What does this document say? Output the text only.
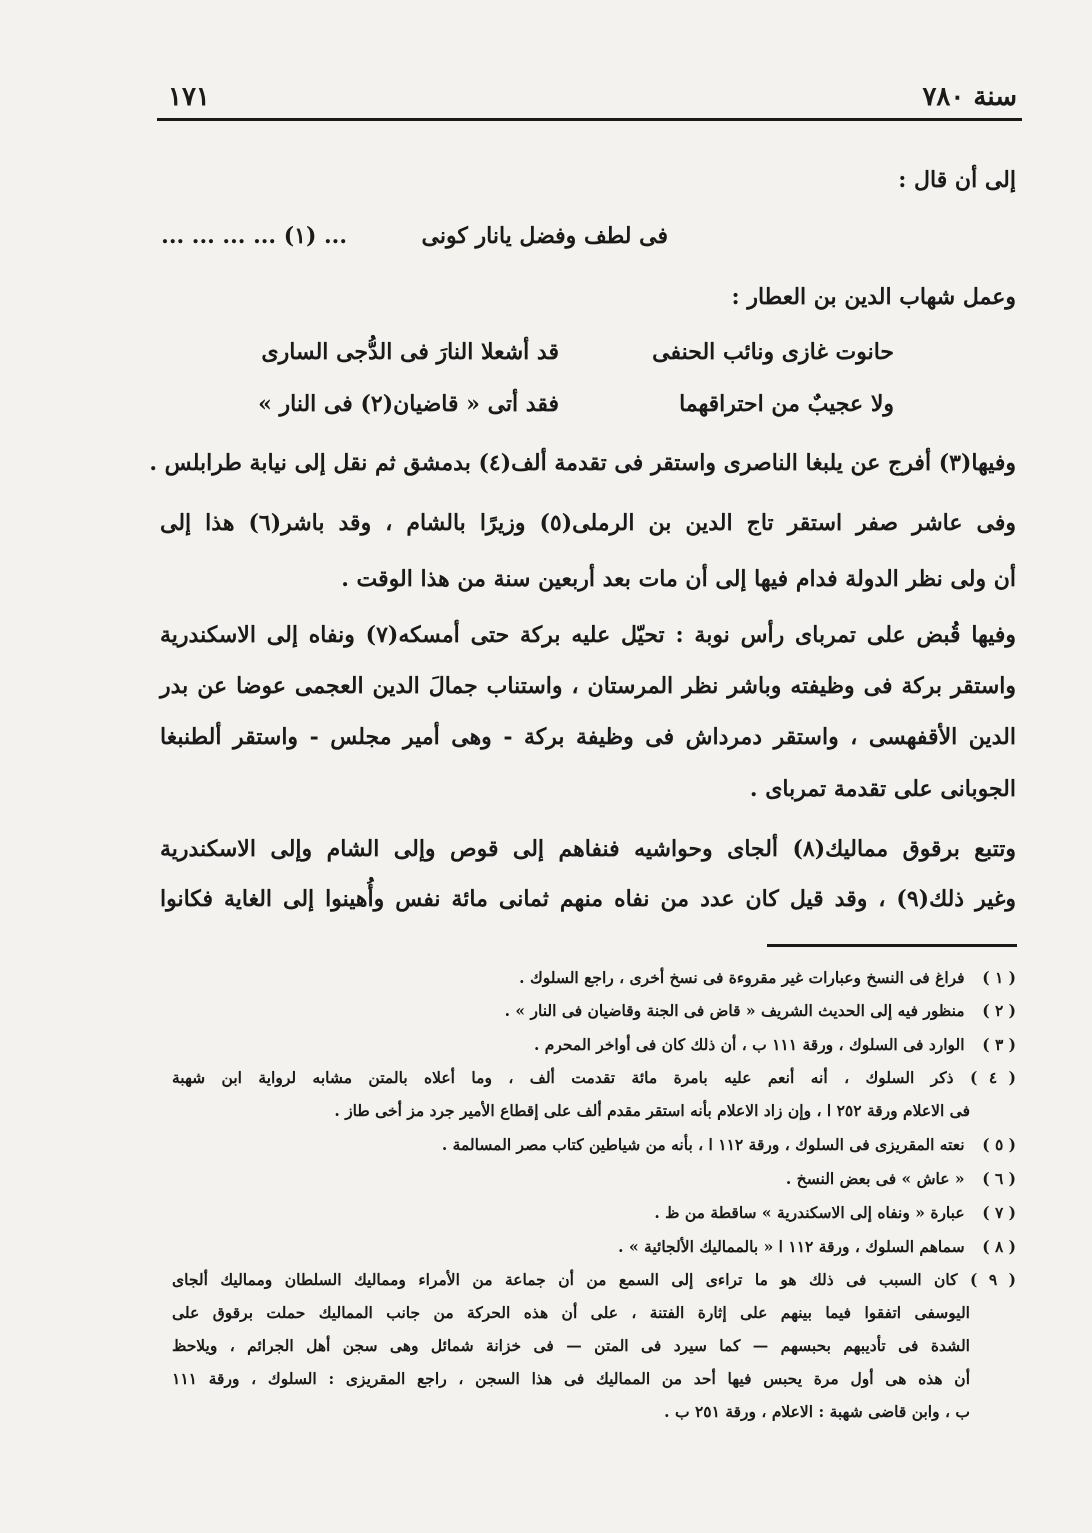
سنة ٧٨٠
١٧١
إلى أن قال :
فى لطف وفضل يانار كونى
... (١) ... ... ... ...
وعمل شهاب الدين بن العطار :
حانوت غازى ونائب الحنفى
قد أشعلا النارَ فى الدُّجى السارى
ولا عجيبٌ من احتراقهما
فقد أتى « قاضيان(٢) فى النار »
وفيها(٣) أفرج عن يلبغا الناصرى واستقر فى تقدمة ألف(٤) بدمشق ثم نقل إلى نيابة طرابلس .
وفى عاشر صفر استقر تاج الدين بن الرملى(٥) وزيرًا بالشام ، وقد باشر(٦) هذا إلى
أن ولى نظر الدولة فدام فيها إلى أن مات بعد أربعين سنة من هذا الوقت .
وفيها قُبض على تمرباى رأس نوبة : تحيّل عليه بركة حتى أمسكه(٧) ونفاه إلى الاسكندرية
واستقر بركة فى وظيفته وباشر نظر المرستان ، واستناب جمالَ الدين العجمى عوضا عن بدر
الدين الأقفهسى ، واستقر دمرداش فى وظيفة بركة - وهى أمير مجلس - واستقر ألطنبغا
الجوبانى على تقدمة تمرباى .
وتتبع برقوق مماليك(٨) ألجاى وحواشيه فنفاهم إلى قوص وإلى الشام وإلى الاسكندرية
وغير ذلك(٩) ، وقد قيل كان عدد من نفاه منهم ثمانى مائة نفس وأُهينوا إلى الغاية فكانوا
( ١ ) فراغ فى النسخ وعبارات غير مقروءة فى نسخ أخرى ، راجع السلوك .
( ٢ ) منظور فيه إلى الحديث الشريف « قاض فى الجنة وقاضيان فى النار » .
( ٣ ) الوارد فى السلوك ، ورقة ١١١ ب ، أن ذلك كان فى أواخر المحرم .
( ٤ ) ذكر السلوك ، أنه أنعم عليه بامرة مائة تقدمت ألف ، وما أعلاه بالمتن مشابه لرواية ابن شهبة
فى الاعلام ورقة ٢٥٢ ا ، وإن زاد الاعلام بأنه استقر مقدم ألف على إقطاع الأمير جرد مز أخى طاز .
( ٥ ) نعته المقريزى فى السلوك ، ورقة ١١٢ ا ، بأنه من شياطين كتاب مصر المسالمة .
( ٦ ) « عاش » فى بعض النسخ .
( ٧ ) عبارة « ونفاه إلى الاسكندرية » ساقطة من ظ .
( ٨ ) سماهم السلوك ، ورقة ١١٢ ا « بالمماليك الألجائية » .
( ٩ ) كان السبب فى ذلك هو ما تراءى إلى السمع من أن جماعة من الأمراء ومماليك السلطان ومماليك ألجاى
اليوسفى اتفقوا فيما بينهم على إثارة الفتنة ، على أن هذه الحركة من جانب المماليك حملت برقوق على
الشدة فى تأديبهم بحبسهم — كما سيرد فى المتن — فى خزانة شمائل وهى سجن أهل الجرائم ، ويلاحظ
أن هذه هى أول مرة يحبس فيها أحد من المماليك فى هذا السجن ، راجع المقريزى : السلوك ، ورقة ١١١
ب ، وابن قاضى شهبة : الاعلام ، ورقة ٢٥١ ب .
